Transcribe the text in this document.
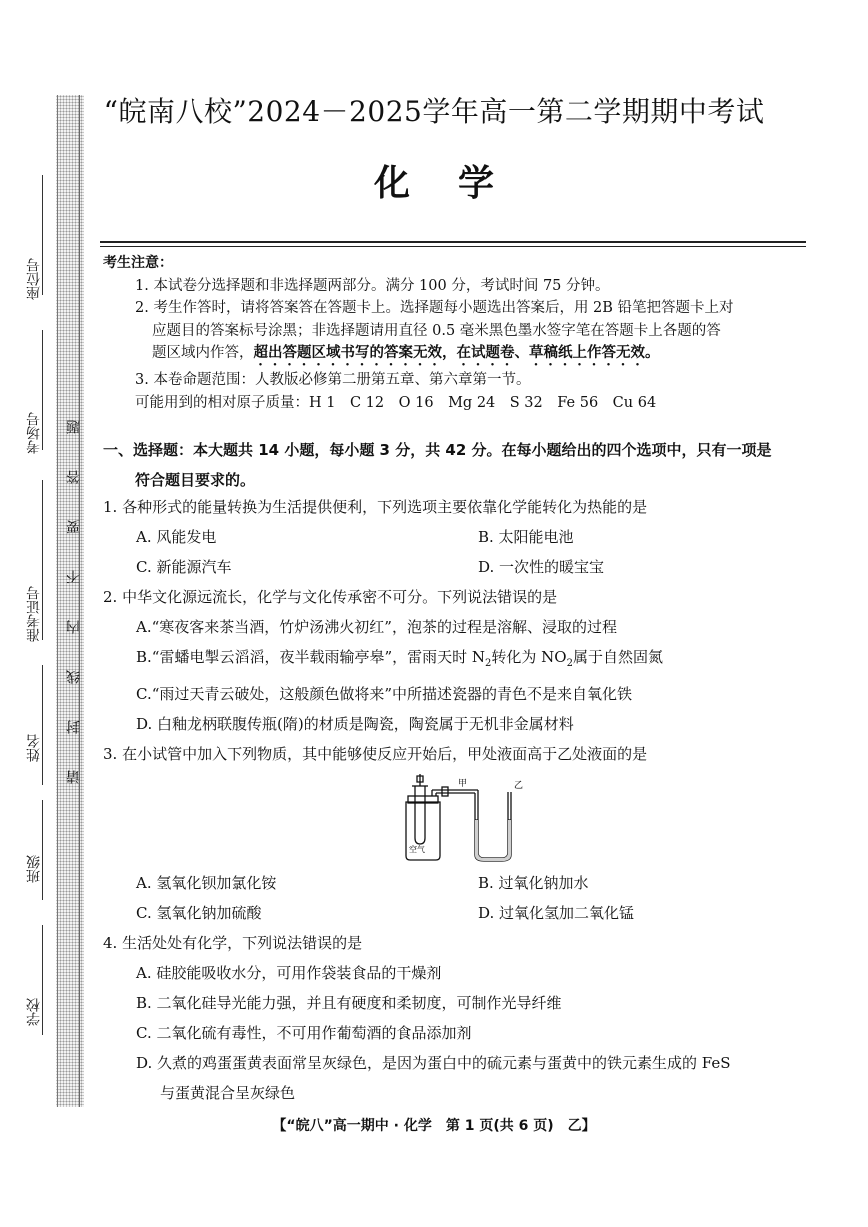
请
封
线
内
不
要
答
题
座位号
考场号
准考证号
姓名
班级
学校
“皖南八校”2024－2025学年高一第二学期期中考试
化学

考生注意：

1. 本试卷分选择题和非选择题两部分。满分 100 分，考试时间 75 分钟。

2. 考生作答时，请将答案答在答题卡上。选择题每小题选出答案后，用 2B 铅笔把答题卡上对

应题目的答案标号涂黑；非选择题请用直径 0.5 毫米黑色墨水签字笔在答题卡上各题的答

题区域内作答，超出答题区域书写的答案无效，在试题卷、草稿纸上作答无效。

3. 本卷命题范围：人教版必修第二册第五章、第六章第一节。

可能用到的相对原子质量：H 1　C 12　O 16　Mg 24　S 32　Fe 56　Cu 64

一、选择题：本大题共 14 小题，每小题 3 分，共 42 分。在每小题给出的四个选项中，只有一项是
符合题目要求的。

1. 各种形式的能量转换为生活提供便利，下列选项主要依靠化学能转化为热能的是

A. 风能发电	B. 太阳能电池
C. 新能源汽车	D. 一次性的暖宝宝

2. 中华文化源远流长，化学与文化传承密不可分。下列说法错误的是

A.“寒夜客来茶当酒，竹炉汤沸火初红”，泡茶的过程是溶解、浸取的过程

B.“雷蟠电掣云滔滔，夜半载雨输亭皋”，雷雨天时 $N_2$转化为 $NO_2$属于自然固氮

C.“雨过天青云破处，这般颜色做将来”中所描述瓷器的青色不是来自氧化铁

D. 白釉龙柄联腹传瓶(隋)的材质是陶瓷，陶瓷属于无机非金属材料

3. 在小试管中加入下列物质，其中能够使反应开始后，甲处液面高于乙处液面的是

甲	乙
空气
A. 氢氧化钡加氯化铵	B. 过氧化钠加水
C. 氢氧化钠加硫酸	D. 过氧化氢加二氧化锰

4. 生活处处有化学，下列说法错误的是

A. 硅胶能吸收水分，可用作袋装食品的干燥剂

B. 二氧化硅导光能力强，并且有硬度和柔韧度，可制作光导纤维

C. 二氧化硫有毒性，不可用作葡萄酒的食品添加剂

D. 久煮的鸡蛋蛋黄表面常呈灰绿色，是因为蛋白中的硫元素与蛋黄中的铁元素生成的 FeS

与蛋黄混合呈灰绿色

【“皖八”高一期中 · 化学　第 1 页(共 6 页)　乙】
